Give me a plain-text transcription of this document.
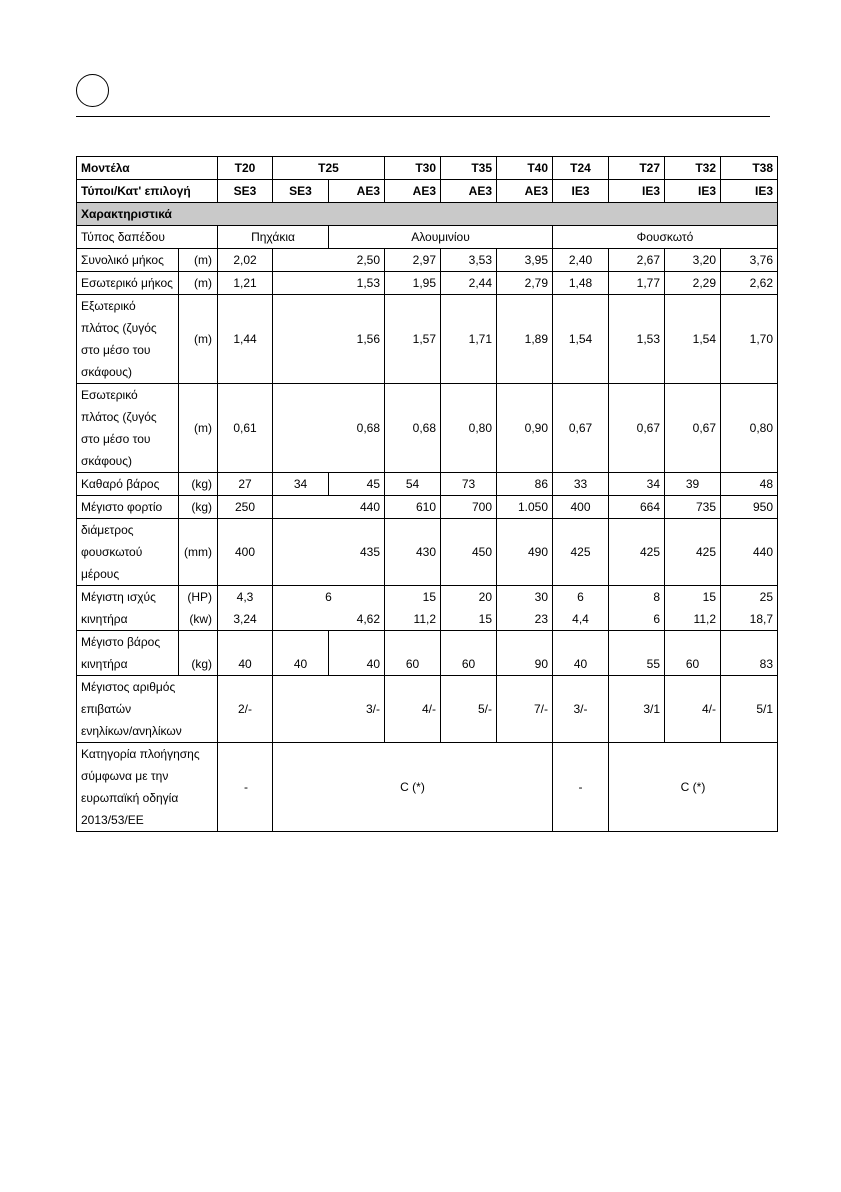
Μοντέλα		T20	T25		T30	T35	T40	T24	T27	T32	T38
Τύποι/Κατ' επιλογή		SE3	SE3	AE3	AE3	AE3	AE3	IE3	IE3	IE3	IE3
Χαρακτηριστικά											
Τύπος δαπέδου		Πηχάκια		Αλουμινίου				Φουσκωτό			
Συνολικό μήκος	(m)	2,02	2,50		2,97	3,53	3,95	2,40	2,67	3,20	3,76
Εσωτερικό μήκος	(m)	1,21	1,53		1,95	2,44	2,79	1,48	1,77	2,29	2,62

Εξωτερικό
πλάτος (ζυγός
στο μέσο του
σκάφους)	(m)	1,44	1,56		1,57	1,71	1,89	1,54	1,53	1,54	1,70

Εσωτερικό
πλάτος (ζυγός
στο μέσο του
σκάφους)	(m)	0,61	0,68		0,68	0,80	0,90	0,67	0,67	0,67	0,80
Καθαρό βάρος	(kg)	27	34	45	54	73	86	33	34	39	48
Μέγιστο φορτίο	(kg)	250	440		610	700	1.050	400	664	735	950

διάμετρος
φουσκωτού
μέρους	(mm)	400	435		430	450	490	425	425	425	440
Μέγιστη ισχύς	(HP)	4,3	6		15	20	30	6	8	15	25
κινητήρα	(kw)	3,24	4,62		11,2	15	23	4,4	6	11,2	18,7

Μέγιστο βάρος
κινητήρα	(kg)	40	40	40	60	60	90	40	55	60	83

Μέγιστος αριθμός
επιβατών
ενηλίκων/ανηλίκων		2/-	3/-		4/-	5/-	7/-	3/-	3/1	4/-	5/1

Κατηγορία πλοήγησης
σύμφωνα με την
ευρωπαϊκή οδηγία
2013/53/ΕΕ		-	C (*)					-	C (*)		
